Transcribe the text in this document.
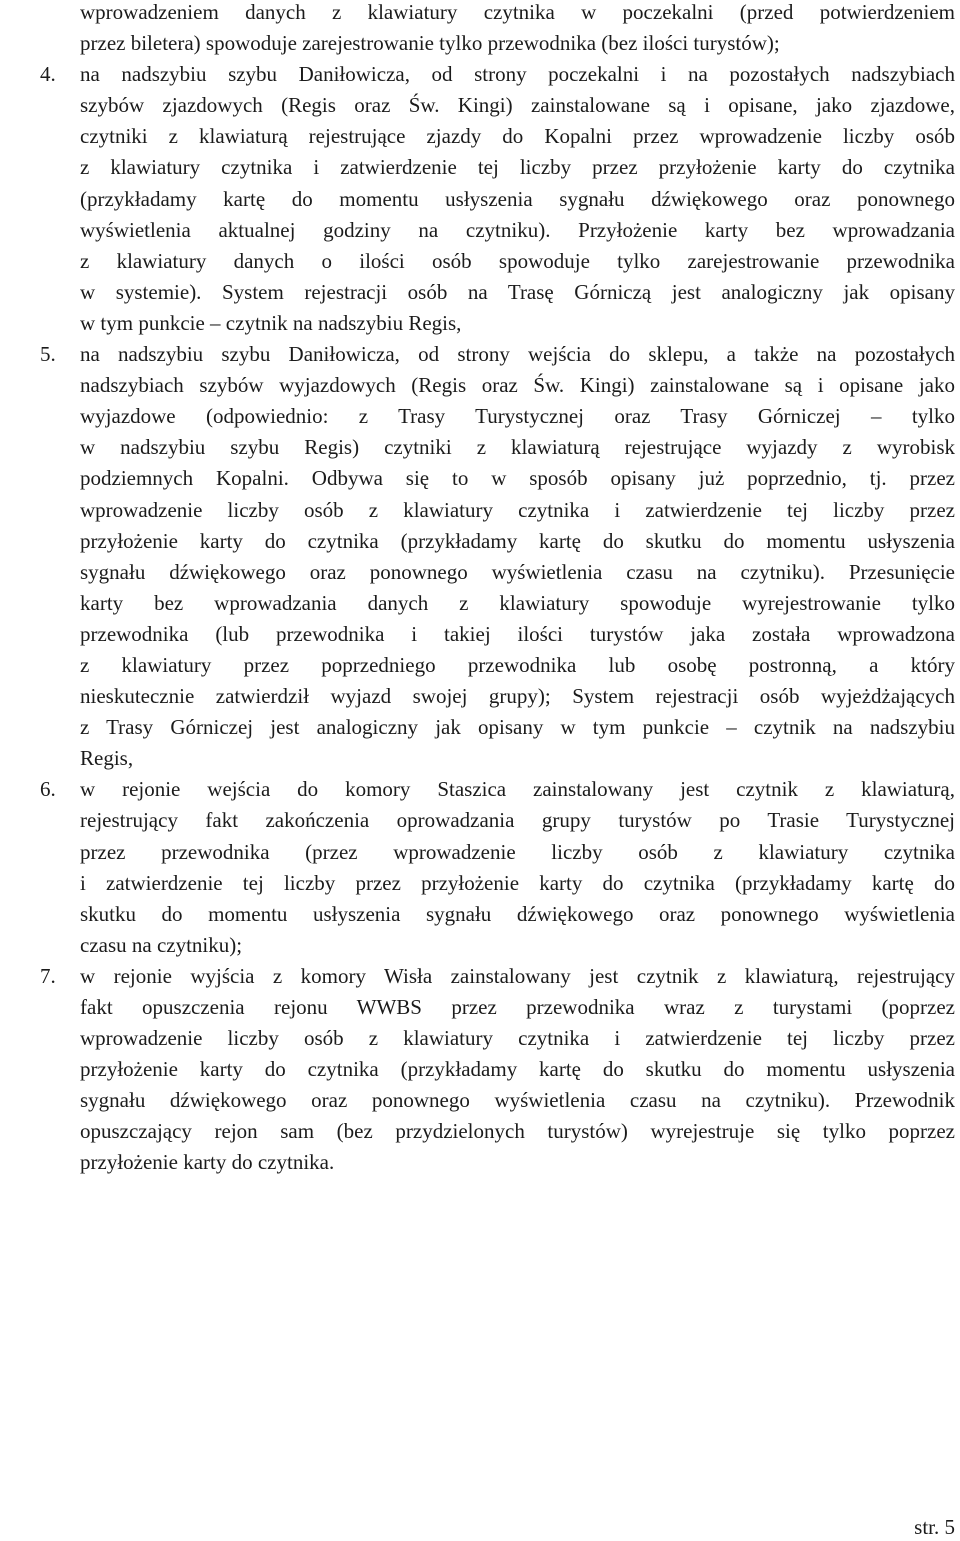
wprowadzeniem danych z klawiatury czytnika w poczekalni (przed potwierdzeniem
przez biletera) spowoduje zarejestrowanie tylko przewodnika (bez ilości turystów);
4.	na nadszybiu szybu Daniłowicza, od strony poczekalni i na pozostałych nadszybiach
szybów zjazdowych (Regis oraz Św. Kingi) zainstalowane są i opisane, jako zjazdowe,
czytniki z klawiaturą rejestrujące zjazdy do Kopalni przez wprowadzenie liczby osób
z klawiatury czytnika i zatwierdzenie tej liczby przez przyłożenie karty do czytnika
(przykładamy kartę do momentu usłyszenia sygnału dźwiękowego oraz ponownego
wyświetlenia aktualnej godziny na czytniku). Przyłożenie karty bez wprowadzania
z klawiatury danych o ilości osób spowoduje tylko zarejestrowanie przewodnika
w systemie). System rejestracji osób na Trasę Górniczą jest analogiczny jak opisany
w tym punkcie – czytnik na nadszybiu Regis,
5.	na nadszybiu szybu Daniłowicza, od strony wejścia do sklepu, a także na pozostałych
nadszybiach szybów wyjazdowych (Regis oraz Św. Kingi) zainstalowane są i opisane jako
wyjazdowe (odpowiednio: z Trasy Turystycznej oraz Trasy Górniczej – tylko
w nadszybiu szybu Regis) czytniki z klawiaturą rejestrujące wyjazdy z wyrobisk
podziemnych Kopalni. Odbywa się to w sposób opisany już poprzednio, tj. przez
wprowadzenie liczby osób z klawiatury czytnika i zatwierdzenie tej liczby przez
przyłożenie karty do czytnika (przykładamy kartę do skutku do momentu usłyszenia
sygnału dźwiękowego oraz ponownego wyświetlenia czasu na czytniku). Przesunięcie
karty bez wprowadzania danych z klawiatury spowoduje wyrejestrowanie tylko
przewodnika (lub przewodnika i takiej ilości turystów jaka została wprowadzona
z klawiatury przez poprzedniego przewodnika lub osobę postronną, a który
nieskutecznie zatwierdził wyjazd swojej grupy); System rejestracji osób wyjeżdżających
z Trasy Górniczej jest analogiczny jak opisany w tym punkcie – czytnik na nadszybiu
Regis,
6.	w rejonie wejścia do komory Staszica zainstalowany jest czytnik z klawiaturą,
rejestrujący fakt zakończenia oprowadzania grupy turystów po Trasie Turystycznej
przez przewodnika (przez wprowadzenie liczby osób z klawiatury czytnika
i zatwierdzenie tej liczby przez przyłożenie karty do czytnika (przykładamy kartę do
skutku do momentu usłyszenia sygnału dźwiękowego oraz ponownego wyświetlenia
czasu na czytniku);
7.	w rejonie wyjścia z komory Wisła zainstalowany jest czytnik z klawiaturą, rejestrujący
fakt opuszczenia rejonu WWBS przez przewodnika wraz z turystami (poprzez
wprowadzenie liczby osób z klawiatury czytnika i zatwierdzenie tej liczby przez
przyłożenie karty do czytnika (przykładamy kartę do skutku do momentu usłyszenia
sygnału dźwiękowego oraz ponownego wyświetlenia czasu na czytniku). Przewodnik
opuszczający rejon sam (bez przydzielonych turystów) wyrejestruje się tylko poprzez
przyłożenie karty do czytnika.
str. 5
